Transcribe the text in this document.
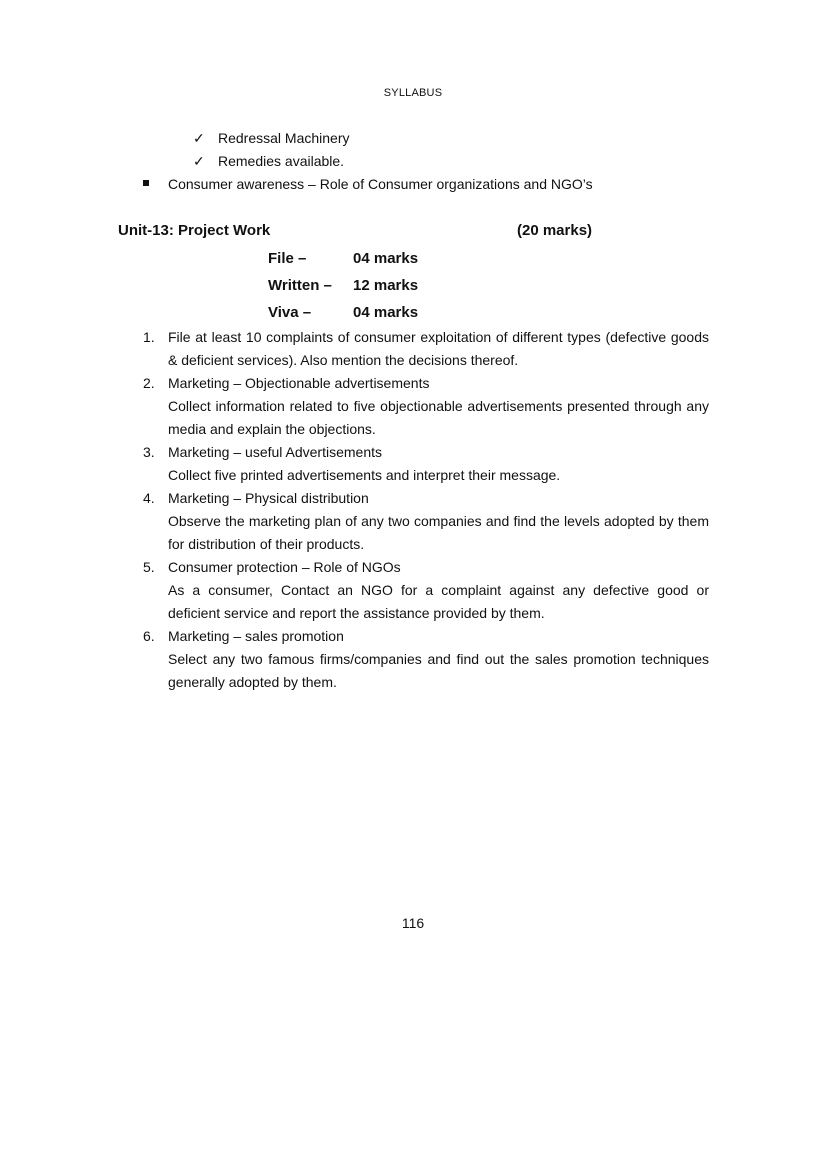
SYLLABUS
✓ Redressal Machinery
✓ Remedies available.
Consumer awareness – Role of Consumer organizations and NGO’s
Unit-13: Project Work	(20 marks)
File –	04 marks
Written – 12 marks
Viva –	04 marks
1. File at least 10 complaints of consumer exploitation of different types (defective goods & deficient services). Also mention the decisions thereof.
2. Marketing – Objectionable advertisements
Collect information related to five objectionable advertisements presented through any media and explain the objections.
3. Marketing – useful Advertisements
Collect five printed advertisements and interpret their message.
4. Marketing – Physical distribution
Observe the marketing plan of any two companies and find the levels adopted by them for distribution of their products.
5. Consumer protection – Role of NGOs
As a consumer, Contact an NGO for a complaint against any defective good or deficient service and report the assistance provided by them.
6. Marketing – sales promotion
Select any two famous firms/companies and find out the sales promotion techniques generally adopted by them.
116
